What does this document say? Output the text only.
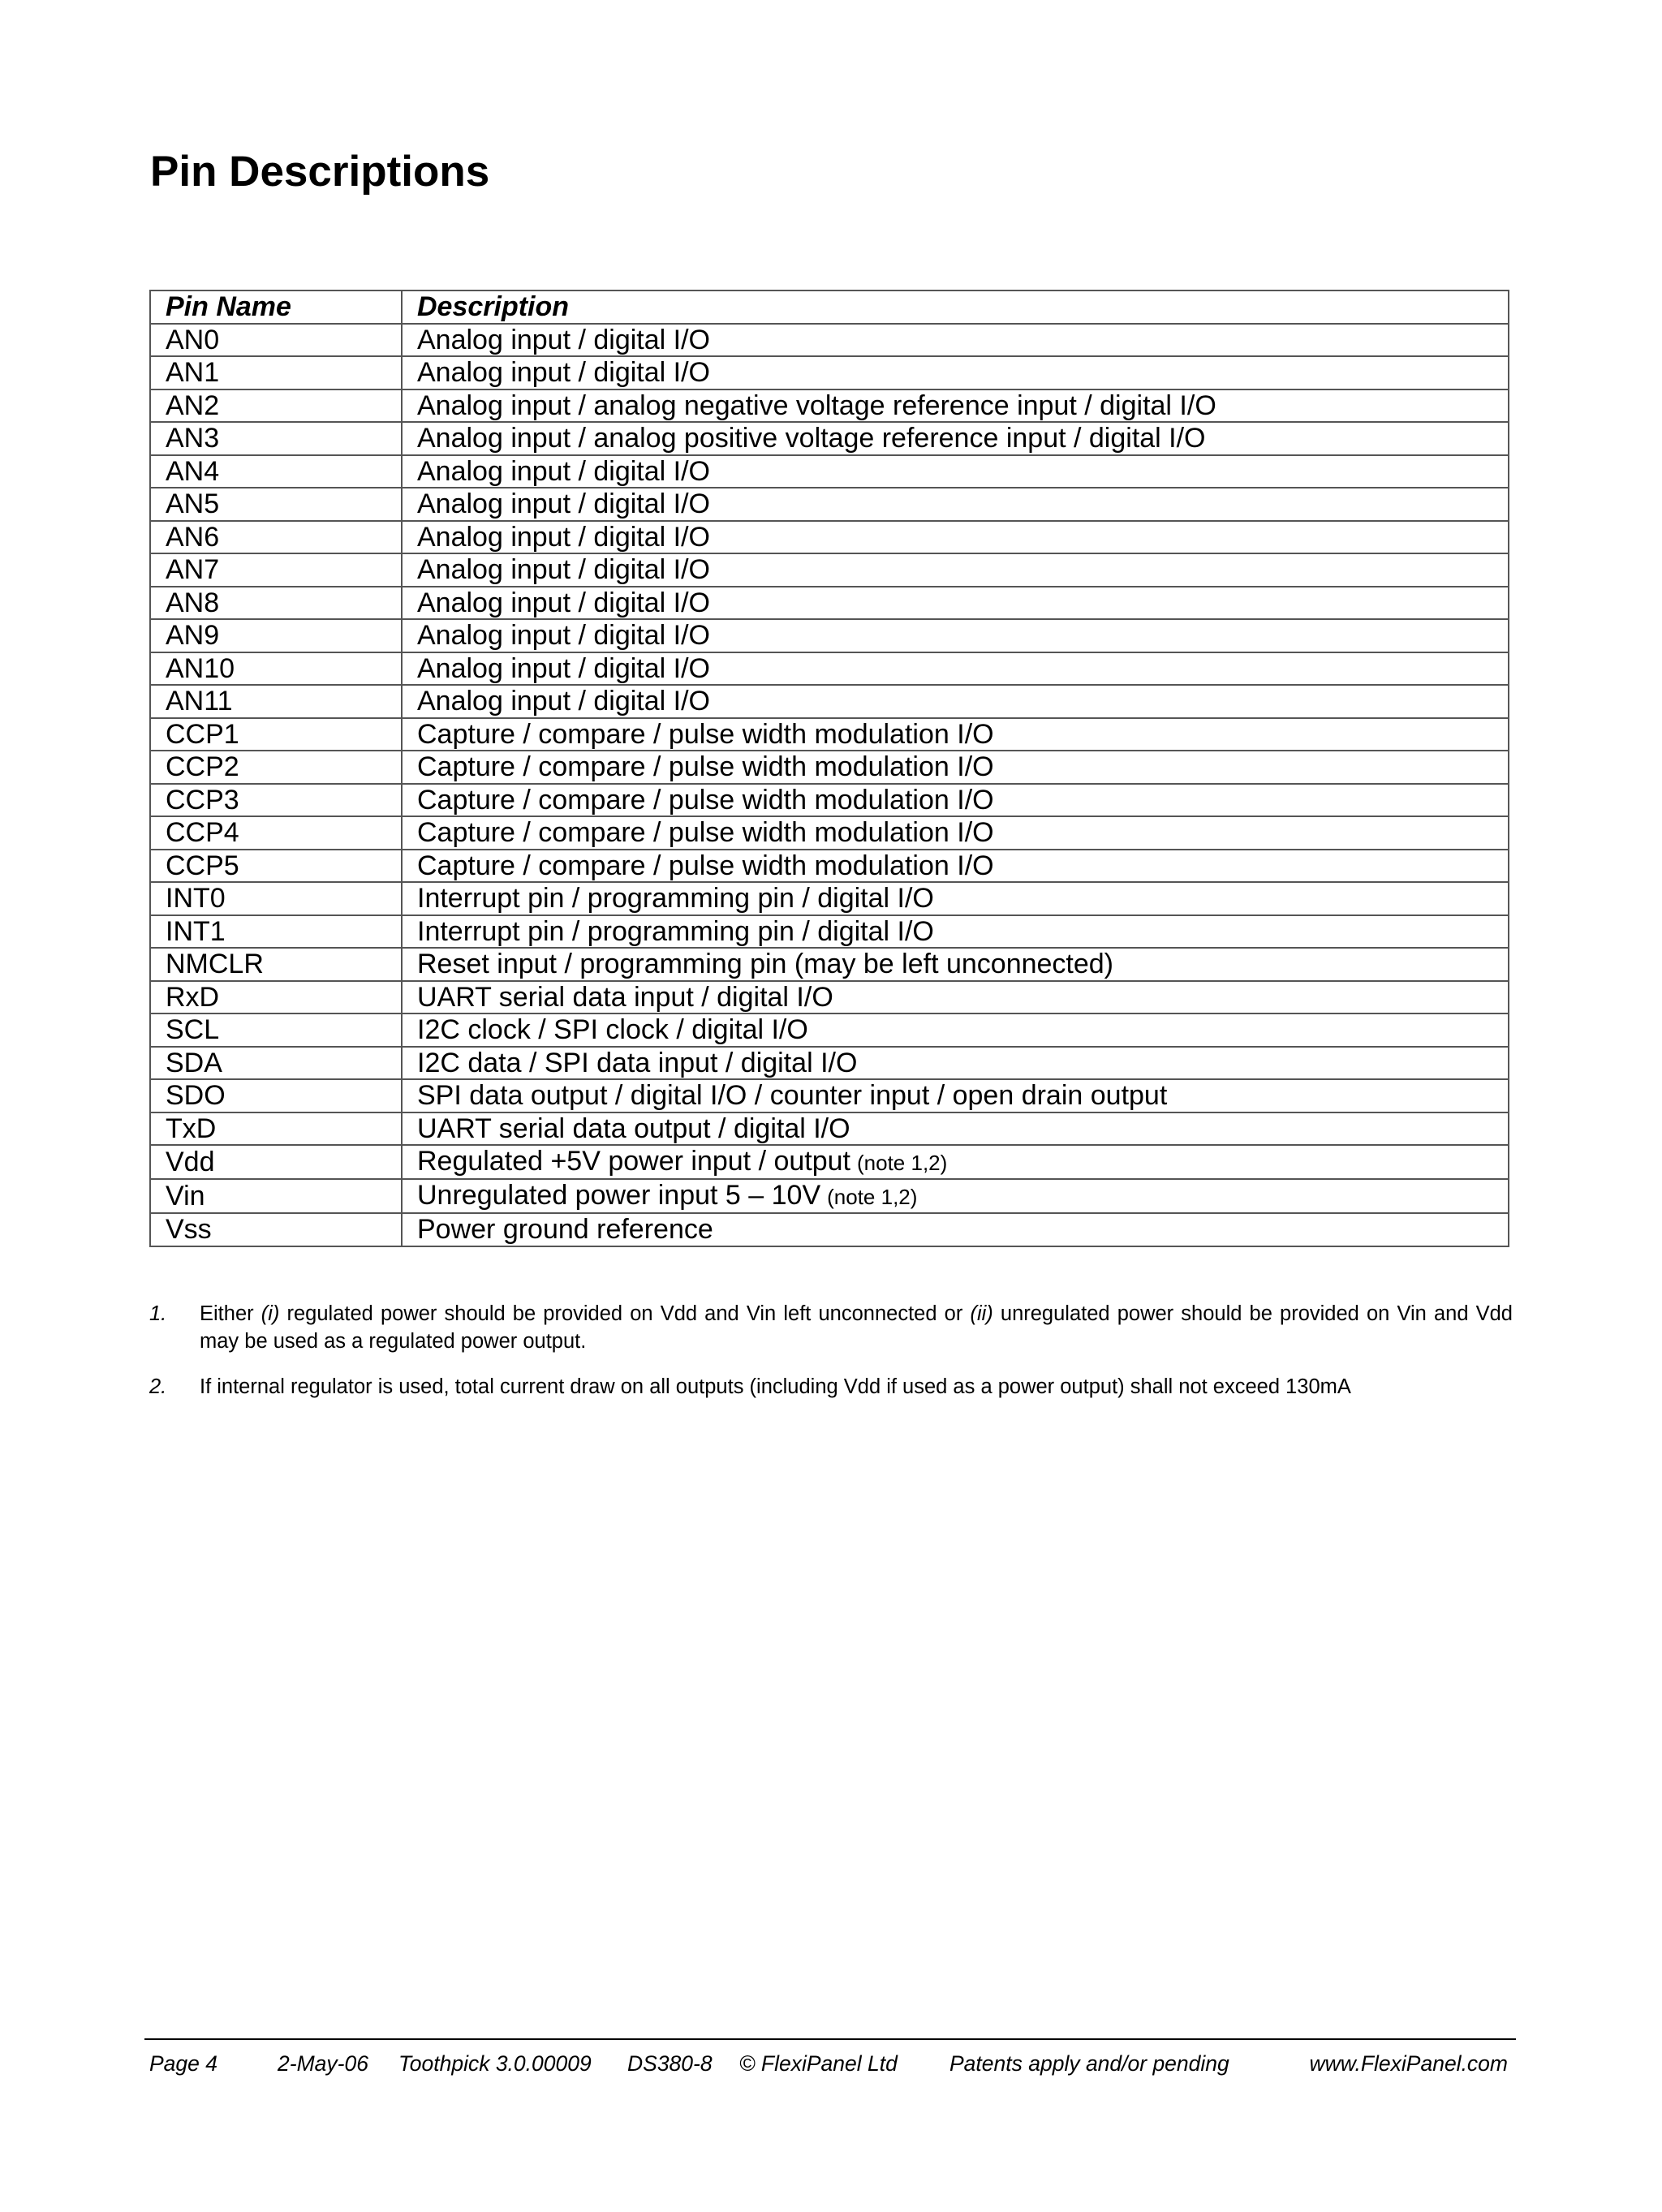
Pin Descriptions
Pin Name	Description
AN0	Analog input / digital I/O
AN1	Analog input / digital I/O
AN2	Analog input / analog negative voltage reference input / digital I/O
AN3	Analog input / analog positive voltage reference input / digital I/O
AN4	Analog input / digital I/O
AN5	Analog input / digital I/O
AN6	Analog input / digital I/O
AN7	Analog input / digital I/O
AN8	Analog input / digital I/O
AN9	Analog input / digital I/O
AN10	Analog input / digital I/O
AN11	Analog input / digital I/O
CCP1	Capture / compare / pulse width modulation I/O
CCP2	Capture / compare / pulse width modulation I/O
CCP3	Capture / compare / pulse width modulation I/O
CCP4	Capture / compare / pulse width modulation I/O
CCP5	Capture / compare / pulse width modulation I/O
INT0	Interrupt pin / programming pin / digital I/O
INT1	Interrupt pin / programming pin / digital I/O
NMCLR	Reset input / programming pin (may be left unconnected)
RxD	UART serial data input / digital I/O
SCL	I2C clock / SPI clock / digital I/O
SDA	I2C data / SPI data input / digital I/O
SDO	SPI data output / digital I/O / counter input / open drain output
TxD	UART serial data output / digital I/O
Vdd	Regulated +5V power input / output (note 1,2)
Vin	Unregulated power input 5 – 10V (note 1,2)
Vss	Power ground reference
1. Either (i) regulated power should be provided on Vdd and Vin left unconnected or (ii) unregulated power should be provided on Vin and Vdd may be used as a regulated power output.
2. If internal regulator is used, total current draw on all outputs (including Vdd if used as a power output) shall not exceed 130mA
Page 4	2-May-06 Toothpick 3.0.00009 DS380-8 © FlexiPanel Ltd Patents apply and/or pending	www.FlexiPanel.com
